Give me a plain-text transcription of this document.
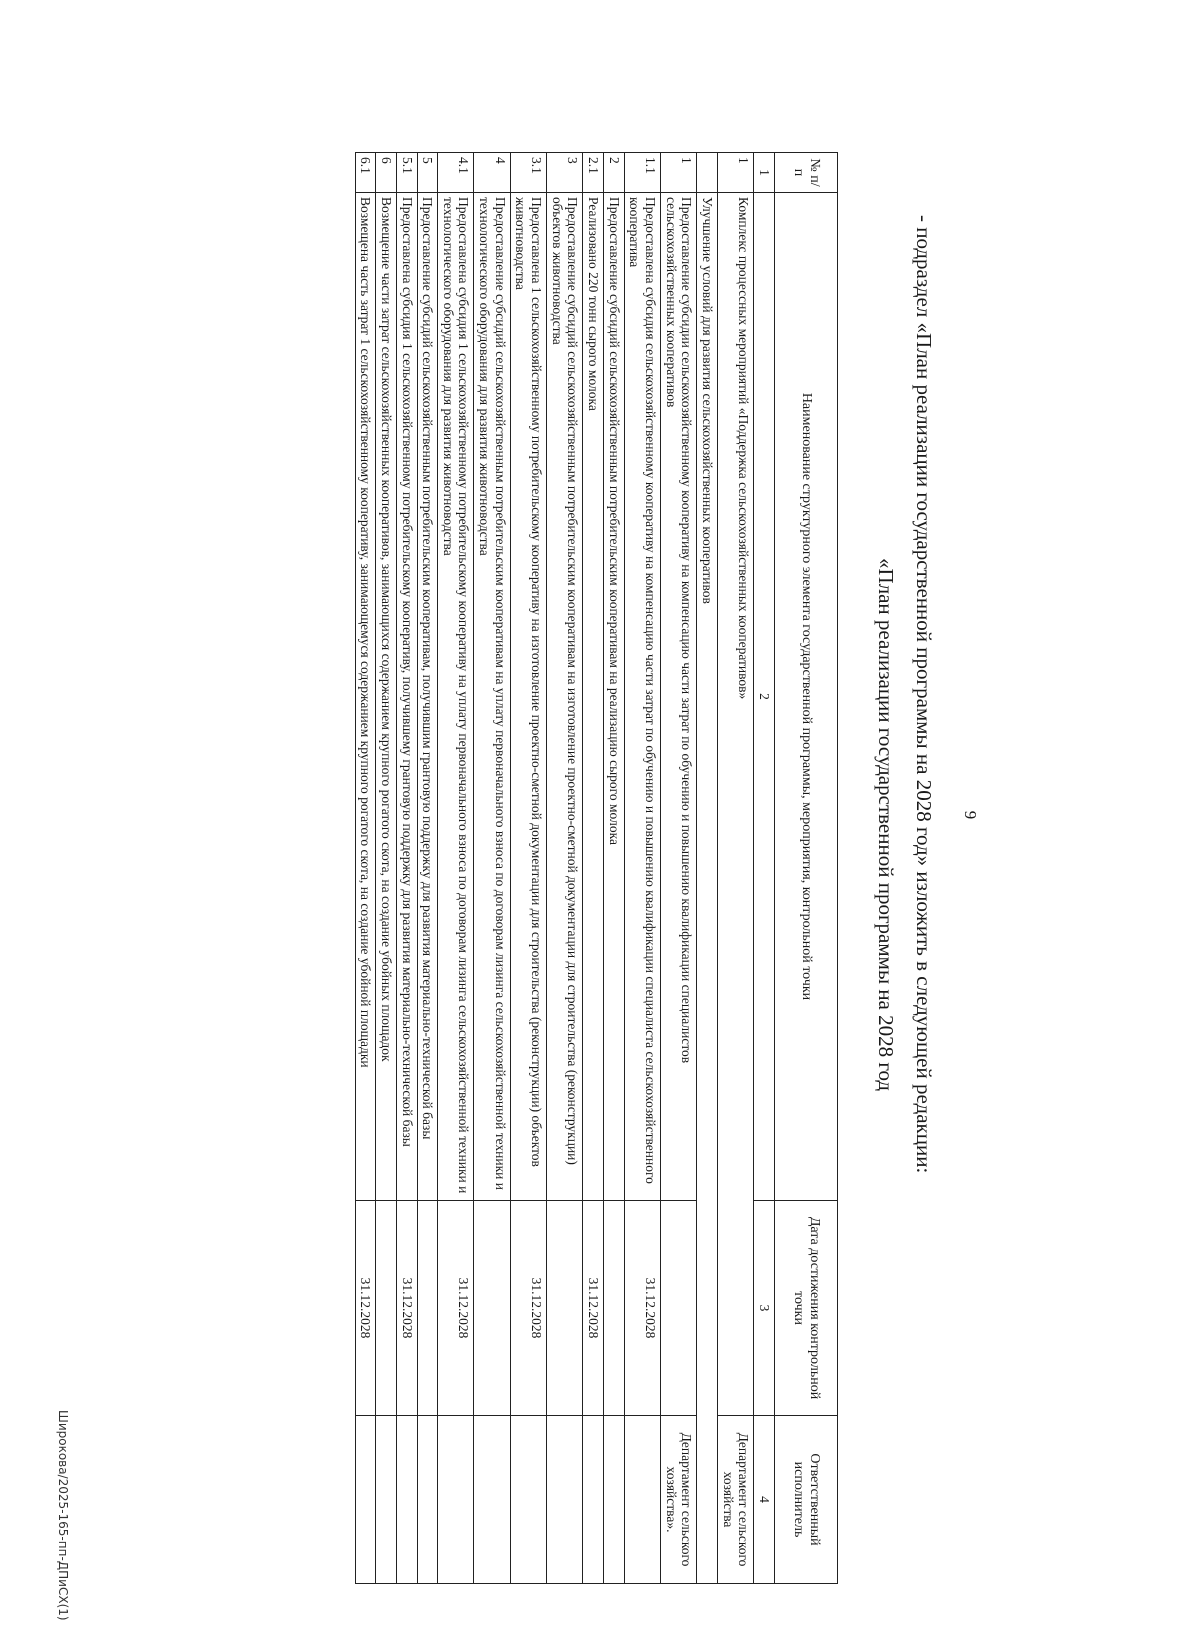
9
- подраздел «План реализации государственной программы на 2028 год» изложить в следующей редакции:
«План реализации государственной программы на 2028 год
№ п/п	Наименование структурного элемента государственной программы, мероприятия, контрольной точки	Дата достижения контрольной точки	Ответственный исполнитель
1	2	3	4
1	Комплекс процессных мероприятий «Поддержка сельскохозяйственных кооперативов»		Департамент сельского хозяйства
	Улучшение условий для развития сельскохозяйственных кооперативов		
1	Предоставление субсидии сельскохозяйственному кооперативу на компенсацию части затрат по обучению и повышению квалификации специалистов сельскохозяйственных кооперативов		Департамент сельского хозяйства».
1.1	Предоставлена субсидия сельскохозяйственному кооперативу на компенсацию части затрат по обучению и повышению квалификации специалиста сельскохозяйственного кооператива	31.12.2028	
2	Предоставление субсидий сельскохозяйственным потребительским кооперативам на реализацию сырого молока		
2.1	Реализовано 220 тонн сырого молока	31.12.2028	
3	Предоставление субсидий сельскохозяйственным потребительским кооперативам на изготовление проектно-сметной документации для строительства (реконструкции) объектов животноводства		
3.1	Предоставлена 1 сельскохозяйственному потребительскому кооперативу на изготовление проектно-сметной документации для строительства (реконструкции) объектов животноводства	31.12.2028	
4	Предоставление субсидий сельскохозяйственным потребительским кооперативам на уплату первоначального взноса по договорам лизинга сельскохозяйственной техники и технологического оборудования для развития животноводства		
4.1	Предоставлена субсидия 1 сельскохозяйственному потребительскому кооперативу на уплату первоначального взноса по договорам лизинга сельскохозяйственной техники и технологического оборудования для развития животноводства	31.12.2028	
5	Предоставление субсидий сельскохозяйственным потребительским кооперативам, получившим грантовую поддержку для развития материально-технической базы		
5.1	Предоставлена субсидия 1 сельскохозяйственному потребительскому кооперативу, получившему грантовую поддержку для развития материально-технической базы	31.12.2028	
6	Возмещение части затрат сельскохозяйственных кооперативов, занимающихся содержанием крупного рогатого скота, на создание убойных площадок		
6.1	Возмещена часть затрат 1 сельскохозяйственному кооперативу, занимающемуся содержанием крупного рогатого скота, на создание убойной площадки	31.12.2028	
Широкова/2025-165-пп-ДПиСХ(1)
